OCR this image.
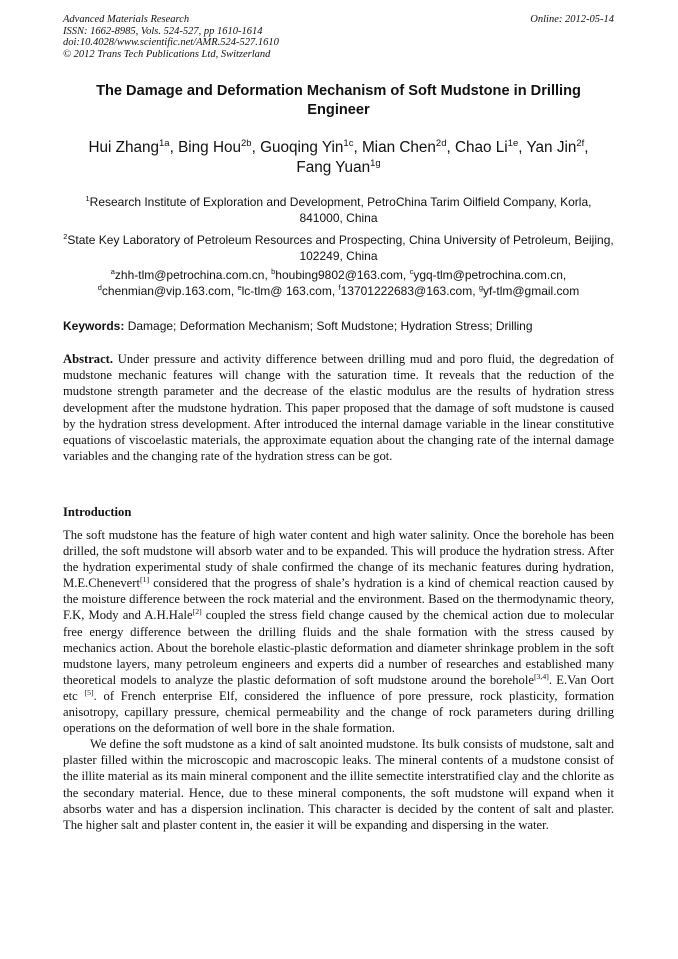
Advanced Materials Research
ISSN: 1662-8985, Vols. 524-527, pp 1610-1614
doi:10.4028/www.scientific.net/AMR.524-527.1610
© 2012 Trans Tech Publications Ltd, Switzerland
Online: 2012-05-14
The Damage and Deformation Mechanism of Soft Mudstone in Drilling Engineer
Hui Zhang$^{1a}$, Bing Hou$^{2b}$, Guoqing Yin$^{1c}$, Mian Chen$^{2d}$, Chao $Li^{1e}$, Yan Jin$^{2f}$,
Fang Yuan$^{1g}$
$^1$Research Institute of Exploration and Development, PetroChina Tarim Oilfield Company, Korla, 841000, China
$^2$State Key Laboratory of Petroleum Resources and Prospecting, China University of Petroleum, Beijing, 102249, China
$^a$zhh-tlm@petrochina.com.cn, $^b$houbing9802@163.com, $^c$ygq-tlm@petrochina.com.cn,
$^d$chenmian@vip.163.com, $^e$lc-tlm@ 163.com, $^f$13701222683@163.com, $^g$yf-tlm@gmail.com
Keywords: Damage; Deformation Mechanism; Soft Mudstone; Hydration Stress; Drilling
Abstract. Under pressure and activity difference between drilling mud and poro fluid, the degredation of mudstone mechanic features will change with the saturation time. It reveals that the reduction of the mudstone strength parameter and the decrease of the elastic modulus are the results of hydration stress development after the mudstone hydration. This paper proposed that the damage of soft mudstone is caused by the hydration stress development. After introduced the internal damage variable in the linear constitutive equations of viscoelastic materials, the approximate equation about the changing rate of the internal damage variables and the changing rate of the hydration stress can be got.
Introduction

The soft mudstone has the feature of high water content and high water salinity. Once the borehole has been drilled, the soft mudstone will absorb water and to be expanded. This will produce the hydration stress. After the hydration experimental study of shale confirmed the change of its mechanic features during hydration, M.E.Chenevert[1] considered that the progress of shale’s hydration is a kind of chemical reaction caused by the moisture difference between the rock material and the environment. Based on the thermodynamic theory, F.K, Mody and A.H.Hale[2] coupled the stress field change caused by the chemical action due to molecular free energy difference between the drilling fluids and the shale formation with the stress caused by mechanics action. About the borehole elastic-plastic deformation and diameter shrinkage problem in the soft mudstone layers, many petroleum engineers and experts did a number of researches and established many theoretical models to analyze the plastic deformation of soft mudstone around the borehole[3,4]. E.Van Oort etc [5]. of French enterprise Elf, considered the influence of pore pressure, rock plasticity, formation anisotropy, capillary pressure, chemical permeability and the change of rock parameters during drilling operations on the deformation of well bore in the shale formation.

We define the soft mudstone as a kind of salt anointed mudstone. Its bulk consists of mudstone, salt and plaster filled within the microscopic and macroscopic leaks. The mineral contents of a mudstone consist of the illite material as its main mineral component and the illite semectite interstratified clay and the chlorite as the secondary material. Hence, due to these mineral components, the soft mudstone will expand when it absorbs water and has a dispersion inclination. This character is decided by the content of salt and plaster. The higher salt and plaster content in, the easier it will be expanding and dispersing in the water.
